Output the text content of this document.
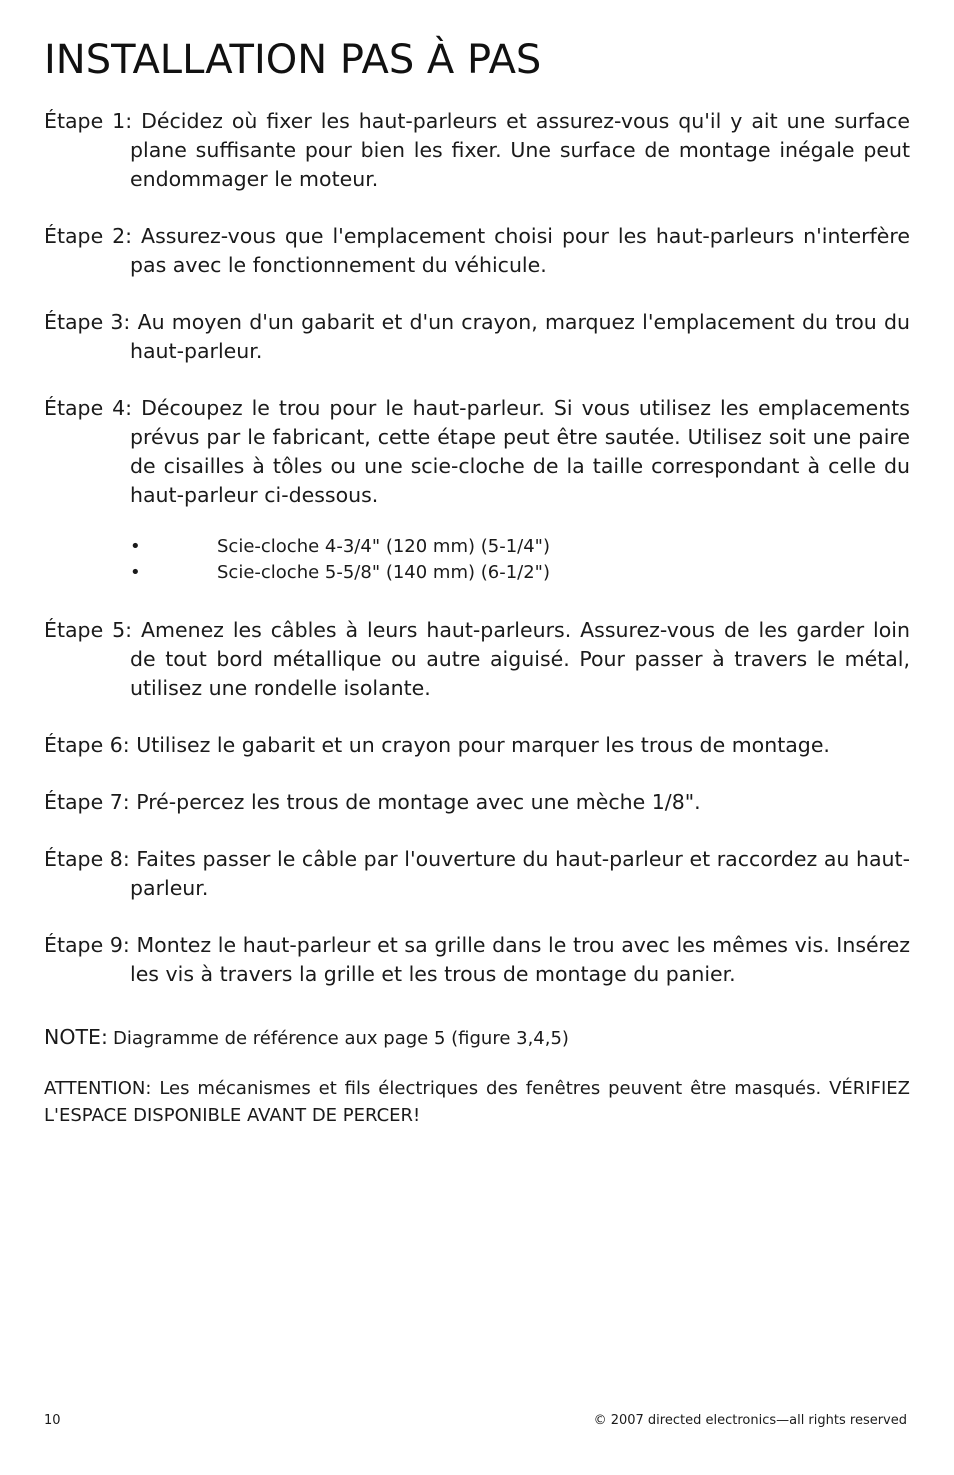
INSTALLATION PAS À PAS

Étape 1: Décidez où fixer les haut-parleurs et assurez-vous qu'il y ait une surface plane suffisante pour bien les fixer. Une surface de montage inégale peut endommager le moteur.

Étape 2: Assurez-vous que l'emplacement choisi pour les haut-parleurs n'interfère pas avec le fonctionnement du véhicule.

Étape 3: Au moyen d'un gabarit et d'un crayon, marquez l'emplacement du trou du haut-parleur.

Étape 4: Découpez le trou pour le haut-parleur. Si vous utilisez les emplacements prévus par le fabricant, cette étape peut être sautée. Utilisez soit une paire de cisailles à tôles ou une scie-cloche de la taille correspondant à celle du haut-parleur ci-dessous.

•	Scie-cloche 4-3/4" (120 mm) (5-1/4")
•	Scie-cloche 5-5/8" (140 mm) (6-1/2")

Étape 5: Amenez les câbles à leurs haut-parleurs. Assurez-vous de les garder loin de tout bord métallique ou autre aiguisé. Pour passer à travers le métal, utilisez une rondelle isolante.

Étape 6: Utilisez le gabarit et un crayon pour marquer les trous de montage.

Étape 7: Pré-percez les trous de montage avec une mèche 1/8".

Étape 8: Faites passer le câble par l'ouverture du haut-parleur et raccordez au haut-parleur.

Étape 9: Montez le haut-parleur et sa grille dans le trou avec les mêmes vis. Insérez les vis à travers la grille et les trous de montage du panier.

NOTE: Diagramme de référence aux page 5 (figure 3,4,5)

ATTENTION: Les mécanismes et fils électriques des fenêtres peuvent être masqués. VÉRIFIEZ L'ESPACE DISPONIBLE AVANT DE PERCER!

10	© 2007 directed electronics—all rights reserved
